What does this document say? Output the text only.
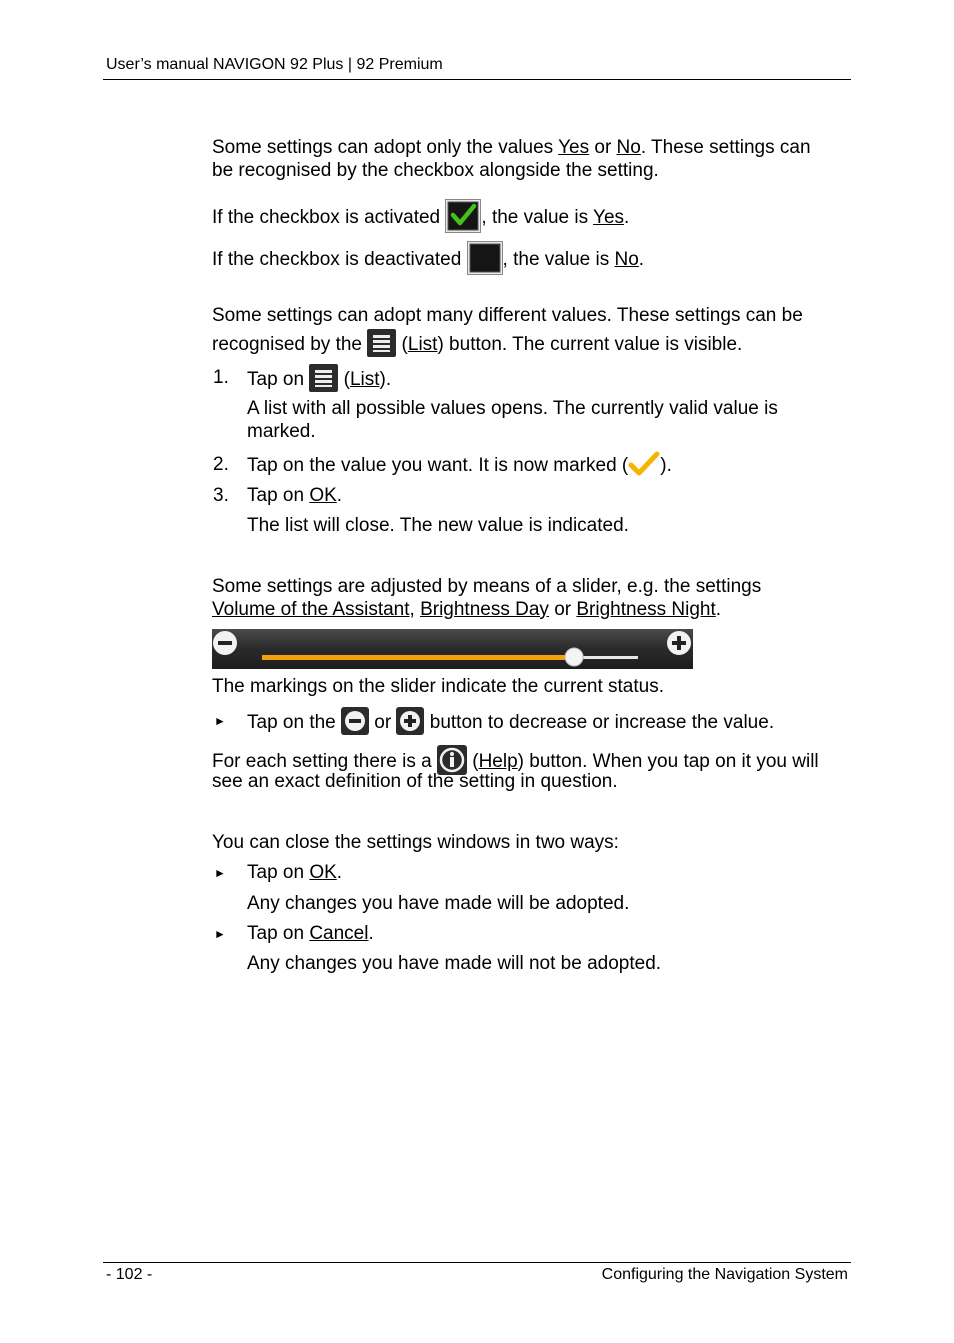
User’s manual NAVIGON 92 Plus | 92 Premium
Some settings can adopt only the values Yes or No. These settings can
be recognised by the checkbox alongside the setting.
If the checkbox is activated
, the value is Yes.
If the checkbox is deactivated
, the value is No.
Some settings can adopt many different values. These settings can be
recognised by the
(List) button. The current value is visible.
1. Tap on
(List).
A list with all possible values opens. The currently valid value is
marked.
2. Tap on the value you want. It is now marked ( ).
3. Tap on OK.
The list will close. The new value is indicated.
Some settings are adjusted by means of a slider, e.g. the settings
Volume of the Assistant, Brightness Day or Brightness Night.
The markings on the slider indicate the current status.
► Tap on the
or
button to decrease or increase the value.
For each setting there is a
(Help) button. When you tap on it you will
see an exact definition of the setting in question.
You can close the settings windows in two ways:
► Tap on OK.
Any changes you have made will be adopted.
► Tap on Cancel.
Any changes you have made will not be adopted.
- 102 -	Configuring the Navigation System
